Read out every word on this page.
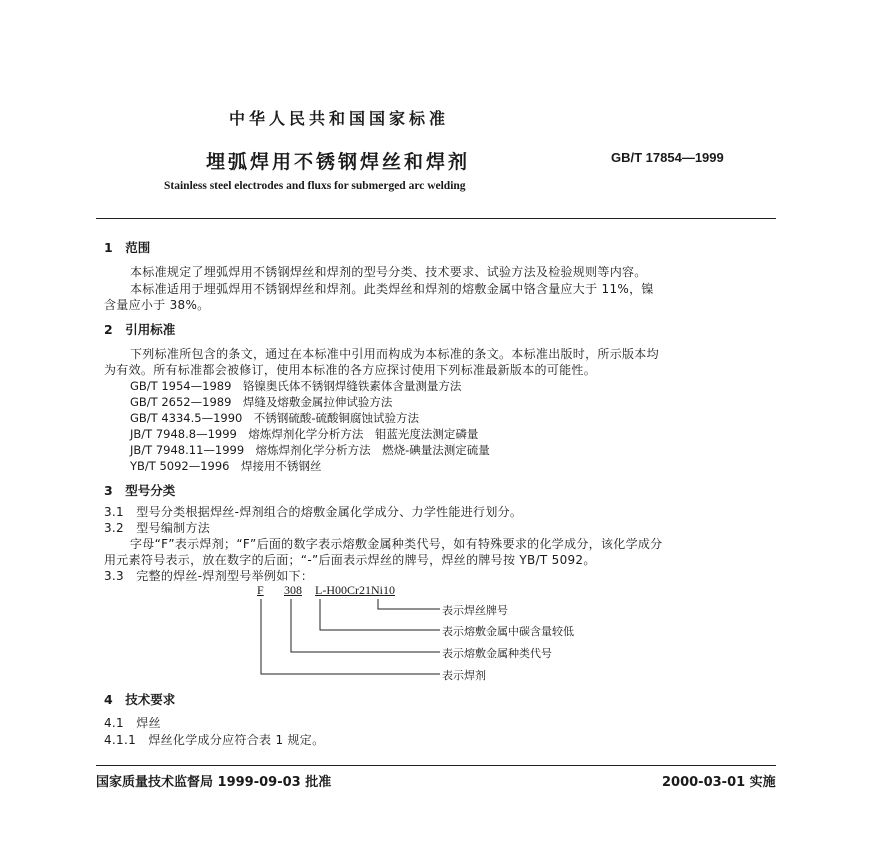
中华人民共和国国家标准
埋弧焊用不锈钢焊丝和焊剂	GB/T 17854—1999
Stainless steel electrodes and fluxs for submerged arc welding
1　范围
本标准规定了埋弧焊用不锈钢焊丝和焊剂的型号分类、技术要求、试验方法及检验规则等内容。
本标准适用于埋弧焊用不锈钢焊丝和焊剂。此类焊丝和焊剂的熔敷金属中铬含量应大于 11%，镍
含量应小于 38%。
2　引用标准
下列标准所包含的条文，通过在本标准中引用而构成为本标准的条文。本标准出版时，所示版本均
为有效。所有标准都会被修订，使用本标准的各方应探讨使用下列标准最新版本的可能性。
GB/T 1954—1989　铬镍奥氏体不锈钢焊缝铁素体含量测量方法
GB/T 2652—1989　焊缝及熔敷金属拉伸试验方法
GB/T 4334.5—1990　不锈钢硫酸-硫酸铜腐蚀试验方法
JB/T 7948.8—1999　熔炼焊剂化学分析方法　钼蓝光度法测定磷量
JB/T 7948.11—1999　熔炼焊剂化学分析方法　燃烧-碘量法测定硫量
YB/T 5092—1996　焊接用不锈钢丝
3　型号分类
3.1　型号分类根据焊丝-焊剂组合的熔敷金属化学成分、力学性能进行划分。
3.2　型号编制方法
字母“F”表示焊剂；“F”后面的数字表示熔敷金属种类代号，如有特殊要求的化学成分，该化学成分
用元素符号表示，放在数字的后面；“-”后面表示焊丝的牌号，焊丝的牌号按 YB/T 5092。
3.3　完整的焊丝-焊剂型号举例如下：
F 308 L-H00Cr21Ni10
表示焊丝牌号
表示熔敷金属中碳含量较低
表示熔敷金属种类代号
表示焊剂
4　技术要求
4.1　焊丝
4.1.1　焊丝化学成分应符合表 1 规定。
国家质量技术监督局 1999-09-03 批准	2000-03-01 实施
